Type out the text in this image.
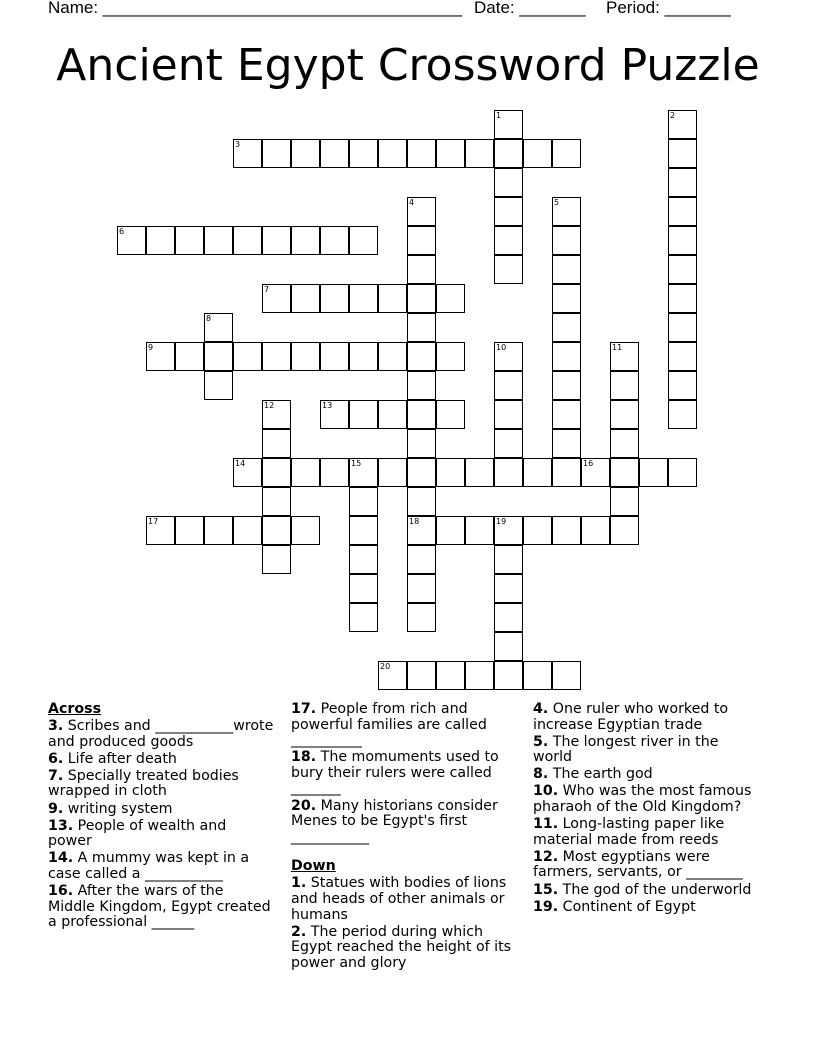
Name: ______________________________________ Date: _______ Period: _______
Ancient Egypt Crossword Puzzle
1	2
3
4	5
6
7
8
9	10	11
12	13
14	15	16
17	18	19
20
Across
3. Scribes and ___________wrote and produced goods
6. Life after death
7. Specially treated bodies wrapped in cloth
9. writing system
13. People of wealth and power
14. A mummy was kept in a case called a ___________
16. After the wars of the Middle Kingdom, Egypt created a professional ______
17. People from rich and powerful families are called __________
18. The momuments used to bury their rulers were called _______
20. Many historians consider Menes to be Egypt's first ___________
Down
1. Statues with bodies of lions and heads of other animals or humans
2. The period during which Egypt reached the height of its power and glory
4. One ruler who worked to increase Egyptian trade
5. The longest river in the world
8. The earth god
10. Who was the most famous pharaoh of the Old Kingdom?
11. Long-lasting paper like material made from reeds
12. Most egyptians were farmers, servants, or ________
15. The god of the underworld
19. Continent of Egypt
